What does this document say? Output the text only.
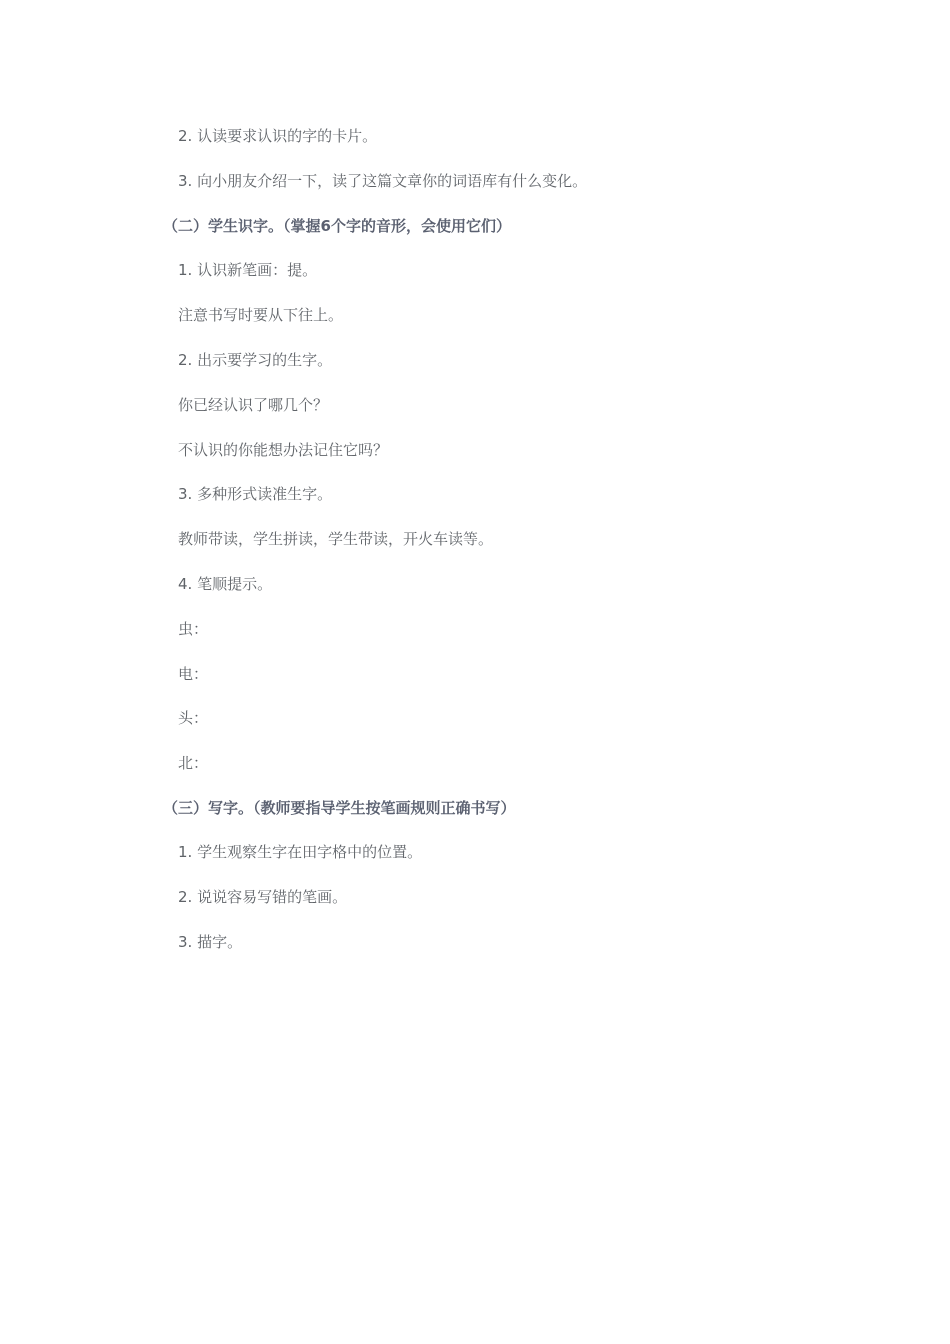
2. 认读要求认识的字的卡片。
3. 向小朋友介绍一下，读了这篇文章你的词语库有什么变化。
（二）学生识字。（掌握6个字的音形，会使用它们）
1. 认识新笔画：提。
注意书写时要从下往上。
2. 出示要学习的生字。
你已经认识了哪几个？
不认识的你能想办法记住它吗？
3. 多种形式读准生字。
教师带读，学生拼读，学生带读，开火车读等。
4. 笔顺提示。
虫：
电：
头：
北：
（三）写字。（教师要指导学生按笔画规则正确书写）
1. 学生观察生字在田字格中的位置。
2. 说说容易写错的笔画。
3. 描字。
